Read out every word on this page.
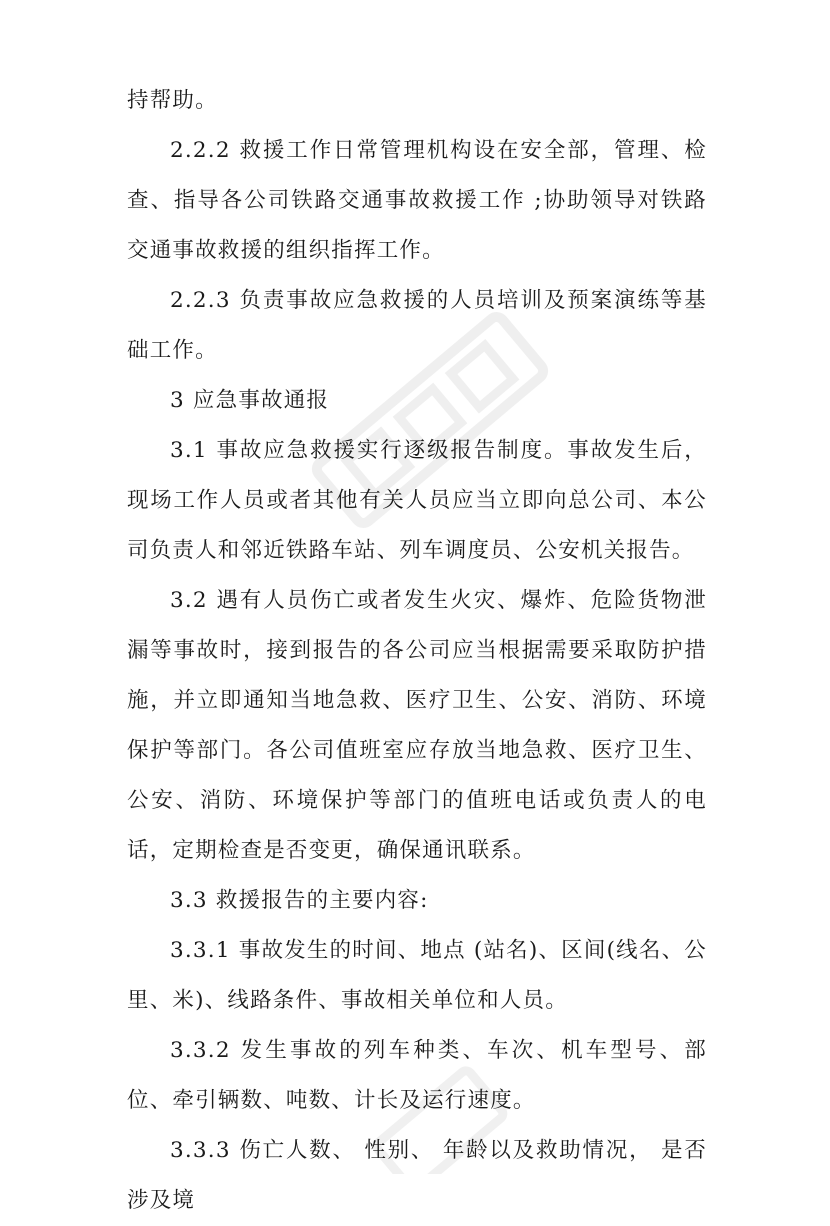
持帮助。

2.2.2 救援工作日常管理机构设在安全部，管理、检查、指导各公司铁路交通事故救援工作 ;协助领导对铁路交通事故救援的组织指挥工作。

2.2.3 负责事故应急救援的人员培训及预案演练等基础工作。

3 应急事故通报

3.1 事故应急救援实行逐级报告制度。事故发生后，现场工作人员或者其他有关人员应当立即向总公司、本公司负责人和邻近铁路车站、列车调度员、公安机关报告。

3.2 遇有人员伤亡或者发生火灾、爆炸、危险货物泄漏等事故时，接到报告的各公司应当根据需要采取防护措施，并立即通知当地急救、医疗卫生、公安、消防、环境保护等部门。各公司值班室应存放当地急救、医疗卫生、公安、消防、环境保护等部门的值班电话或负责人的电话，定期检查是否变更，确保通讯联系。

3.3 救援报告的主要内容:

3.3.1 事故发生的时间、地点 (站名)、区间(线名、公里、米)、线路条件、事故相关单位和人员。

3.3.2 发生事故的列车种类、车次、机车型号、部位、牵引辆数、吨数、计长及运行速度。

3.3.3 伤亡人数、 性别、 年龄以及救助情况， 是否涉及境
